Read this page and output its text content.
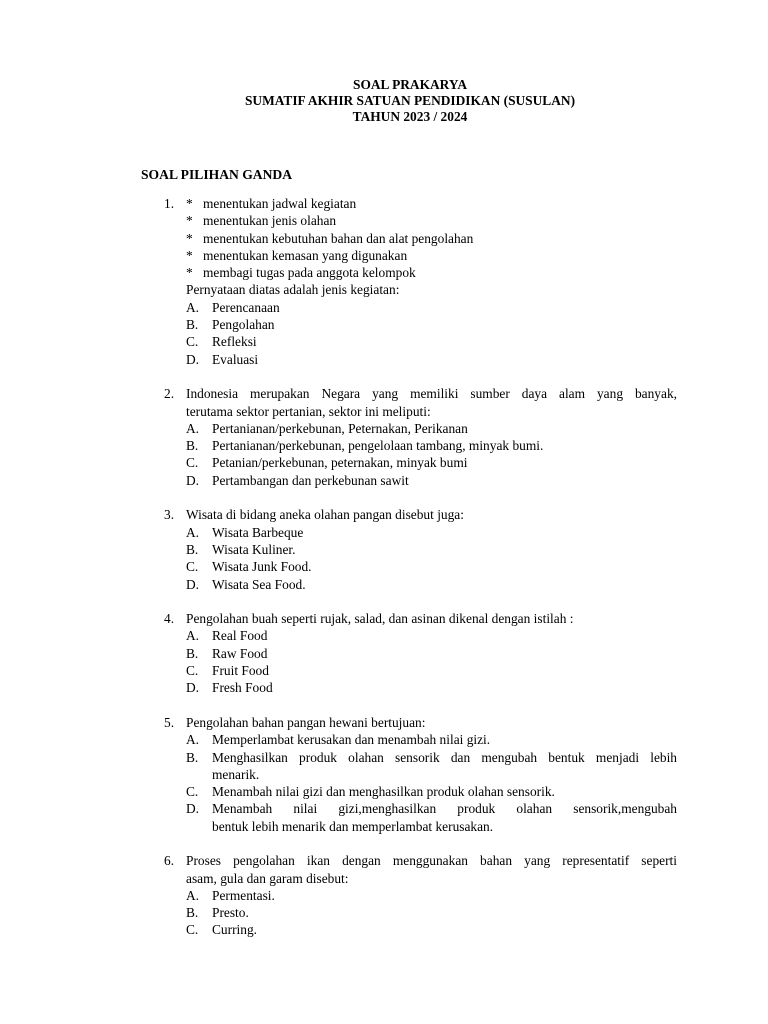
SOAL PRAKARYA
SUMATIF AKHIR SATUAN PENDIDIKAN (SUSULAN)
TAHUN 2023 / 2024
SOAL PILIHAN GANDA
1. * menentukan jadwal kegiatan
* menentukan jenis olahan
* menentukan kebutuhan bahan dan alat pengolahan
* menentukan kemasan yang digunakan
* membagi tugas pada anggota kelompok
Pernyataan diatas adalah jenis kegiatan:
A. Perencanaan
B. Pengolahan
C. Refleksi
D. Evaluasi
2. Indonesia merupakan Negara yang memiliki sumber daya alam yang banyak,
terutama sektor pertanian, sektor ini meliputi:
A. Pertanianan/perkebunan, Peternakan, Perikanan
B. Pertanianan/perkebunan, pengelolaan tambang, minyak bumi.
C. Petanian/perkebunan, peternakan, minyak bumi
D. Pertambangan dan perkebunan sawit
3. Wisata di bidang aneka olahan pangan disebut juga:
A. Wisata Barbeque
B. Wisata Kuliner.
C. Wisata Junk Food.
D. Wisata Sea Food.
4. Pengolahan buah seperti rujak, salad, dan asinan dikenal dengan istilah :
A. Real Food
B. Raw Food
C. Fruit Food
D. Fresh Food
5. Pengolahan bahan pangan hewani bertujuan:
A. Memperlambat kerusakan dan menambah nilai gizi.
B. Menghasilkan produk olahan sensorik dan mengubah bentuk menjadi lebih
menarik.
C. Menambah nilai gizi dan menghasilkan produk olahan sensorik.
D. Menambah nilai gizi,menghasilkan produk olahan sensorik,mengubah
bentuk lebih menarik dan memperlambat kerusakan.
6. Proses pengolahan ikan dengan menggunakan bahan yang representatif seperti
asam, gula dan garam disebut:
A. Permentasi.
B. Presto.
C. Curring.
